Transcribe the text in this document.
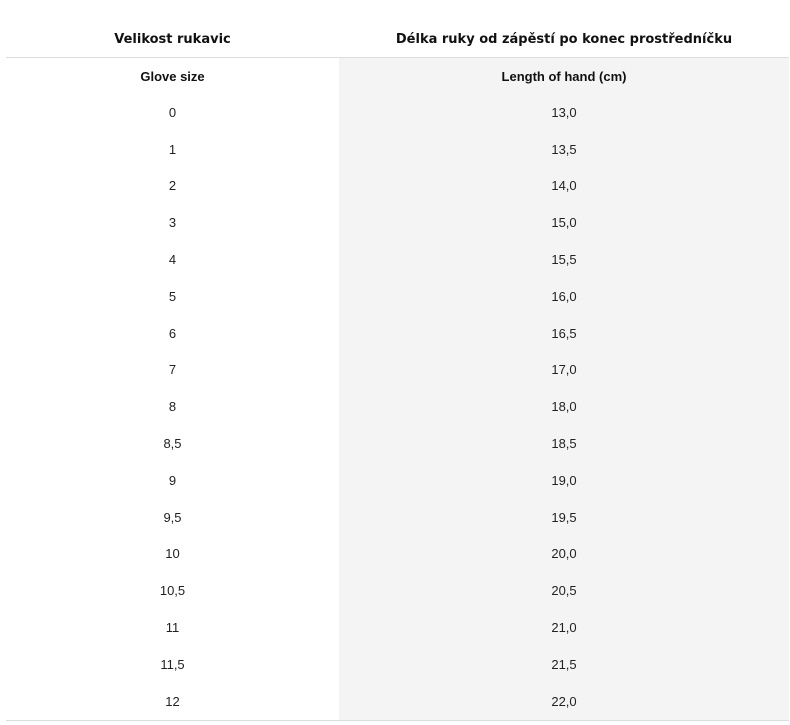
Velikost rukavic	Délka ruky od zápěstí po konec prostředníčku
Glove size	Length of hand (cm)
0	13,0
1	13,5
2	14,0
3	15,0
4	15,5
5	16,0
6	16,5
7	17,0
8	18,0
8,5	18,5
9	19,0
9,5	19,5
10	20,0
10,5	20,5
11	21,0
11,5	21,5
12	22,0
